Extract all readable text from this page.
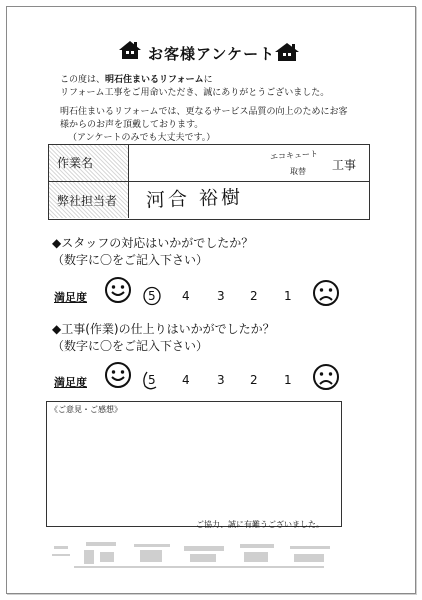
お客様アンケート

この度は、明石住まいるリフォームに

リフォーム工事をご用命いただき、誠にありがとうございました。

明石住まいるリフォームでは、更なるサービス品質の向上のためにお客

様からのお声を頂戴しております。

（アンケートのみでも大丈夫です。）

作業名
エコキュート
取替 工事
弊社担当者 河合 裕樹
◆スタッフの対応はいかがでしたか？
（数字に〇をご記入下さい）
満足度	5 4 3 2 1
◆工事(作業)の仕上りはいかがでしたか？
（数字に〇をご記入下さい）
満足度	5 4 3 2 1
《ご意見・ご感想》
ご協力、誠に有難うございました。
